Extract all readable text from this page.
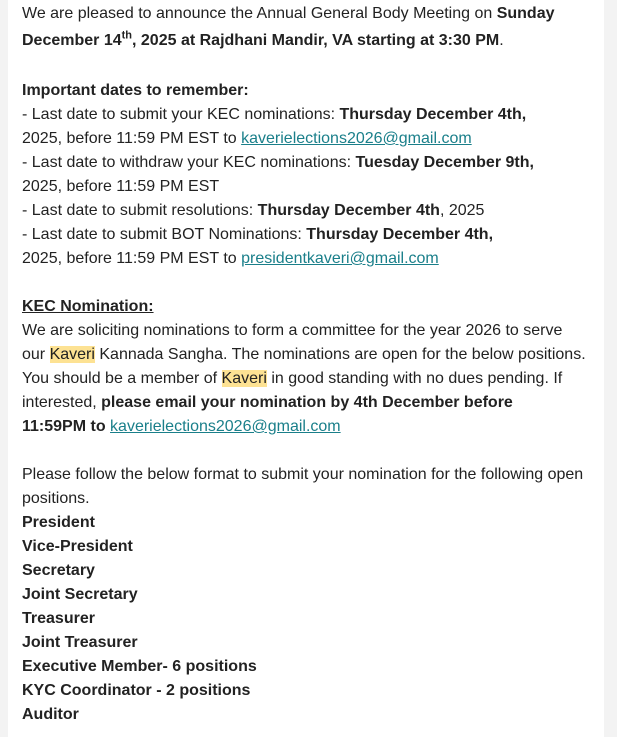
We are pleased to announce the Annual General Body Meeting on Sunday
December 14th, 2025 at Rajdhani Mandir, VA starting at 3:30 PM.
Important dates to remember:
- Last date to submit your KEC nominations: Thursday December 4th,
2025, before 11:59 PM EST to kaverielections2026@gmail.com
- Last date to withdraw your KEC nominations: Tuesday December 9th,
2025, before 11:59 PM EST
- Last date to submit resolutions: Thursday December 4th, 2025
- Last date to submit BOT Nominations: Thursday December 4th,
2025, before 11:59 PM EST to presidentkaveri@gmail.com
KEC Nomination:
We are soliciting nominations to form a committee for the year 2026 to serve
our Kaveri Kannada Sangha. The nominations are open for the below positions.
You should be a member of Kaveri in good standing with no dues pending. If
interested, please email your nomination by 4th December before
11:59PM to kaverielections2026@gmail.com
Please follow the below format to submit your nomination for the following open
positions.
President
Vice-President
Secretary
Joint Secretary
Treasurer
Joint Treasurer
Executive Member- 6 positions
KYC Coordinator - 2 positions
Auditor
